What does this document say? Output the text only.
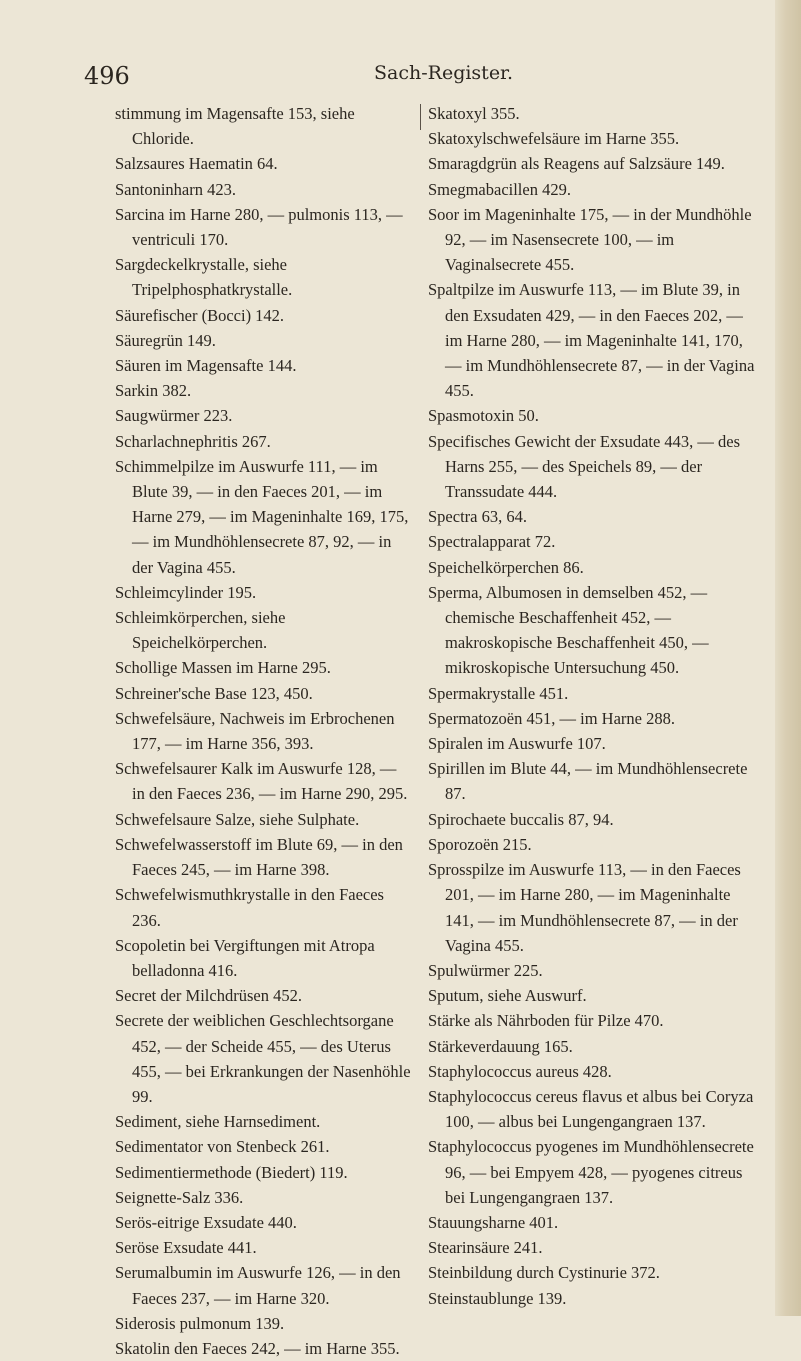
496	Sach-Register.
stimmung im Magensafte 153, siehe Chloride.
Salzsaures Haematin 64.
Santoninharn 423.
Sarcina im Harne 280, — pulmonis 113, — ventriculi 170.
Sargdeckelkrystalle, siehe Tripelphosphatkrystalle.
Säurefischer (Bocci) 142.
Säuregrün 149.
Säuren im Magensafte 144.
Sarkin 382.
Saugwürmer 223.
Scharlachnephritis 267.
Schimmelpilze im Auswurfe 111, — im Blute 39, — in den Faeces 201, — im Harne 279, — im Mageninhalte 169, 175, — im Mundhöhlensecrete 87, 92, — in der Vagina 455.
Schleimcylinder 195.
Schleimkörperchen, siehe Speichelkörperchen.
Schollige Massen im Harne 295.
Schreiner'sche Base 123, 450.
Schwefelsäure, Nachweis im Erbrochenen 177, — im Harne 356, 393.
Schwefelsaurer Kalk im Auswurfe 128, — in den Faeces 236, — im Harne 290, 295.
Schwefelsaure Salze, siehe Sulphate.
Schwefelwasserstoff im Blute 69, — in den Faeces 245, — im Harne 398.
Schwefelwismuthkrystalle in den Faeces 236.
Scopoletin bei Vergiftungen mit Atropa belladonna 416.
Secret der Milchdrüsen 452.
Secrete der weiblichen Geschlechtsorgane 452, — der Scheide 455, — des Uterus 455, — bei Erkrankungen der Nasenhöhle 99.
Sediment, siehe Harnsediment.
Sedimentator von Stenbeck 261.
Sedimentiermethode (Biedert) 119.
Seignette-Salz 336.
Serös-eitrige Exsudate 440.
Seröse Exsudate 441.
Serumalbumin im Auswurfe 126, — in den Faeces 237, — im Harne 320.
Siderosis pulmonum 139.
Skatolin den Faeces 242, — im Harne 355.
Skatoxyl 355.
Skatoxylschwefelsäure im Harne 355.
Smaragdgrün als Reagens auf Salzsäure 149.
Smegmabacillen 429.
Soor im Mageninhalte 175, — in der Mundhöhle 92, — im Nasensecrete 100, — im Vaginalsecrete 455.
Spaltpilze im Auswurfe 113, — im Blute 39, in den Exsudaten 429, — in den Faeces 202, — im Harne 280, — im Mageninhalte 141, 170, — im Mundhöhlensecrete 87, — in der Vagina 455.
Spasmotoxin 50.
Specifisches Gewicht der Exsudate 443, — des Harns 255, — des Speichels 89, — der Transsudate 444.
Spectra 63, 64.
Spectralapparat 72.
Speichelkörperchen 86.
Sperma, Albumosen in demselben 452, — chemische Beschaffenheit 452, — makroskopische Beschaffenheit 450, — mikroskopische Untersuchung 450.
Spermakrystalle 451.
Spermatozoën 451, — im Harne 288.
Spiralen im Auswurfe 107.
Spirillen im Blute 44, — im Mundhöhlensecrete 87.
Spirochaete buccalis 87, 94.
Sporozoën 215.
Sprosspilze im Auswurfe 113, — in den Faeces 201, — im Harne 280, — im Mageninhalte 141, — im Mundhöhlensecrete 87, — in der Vagina 455.
Spulwürmer 225.
Sputum, siehe Auswurf.
Stärke als Nährboden für Pilze 470.
Stärkeverdauung 165.
Staphylococcus aureus 428.
Staphylococcus cereus flavus et albus bei Coryza 100, — albus bei Lungengangraen 137.
Staphylococcus pyogenes im Mundhöhlensecrete 96, — bei Empyem 428, — pyogenes citreus bei Lungengangraen 137.
Stauungsharne 401.
Stearinsäure 241.
Steinbildung durch Cystinurie 372.
Steinstaublunge 139.
